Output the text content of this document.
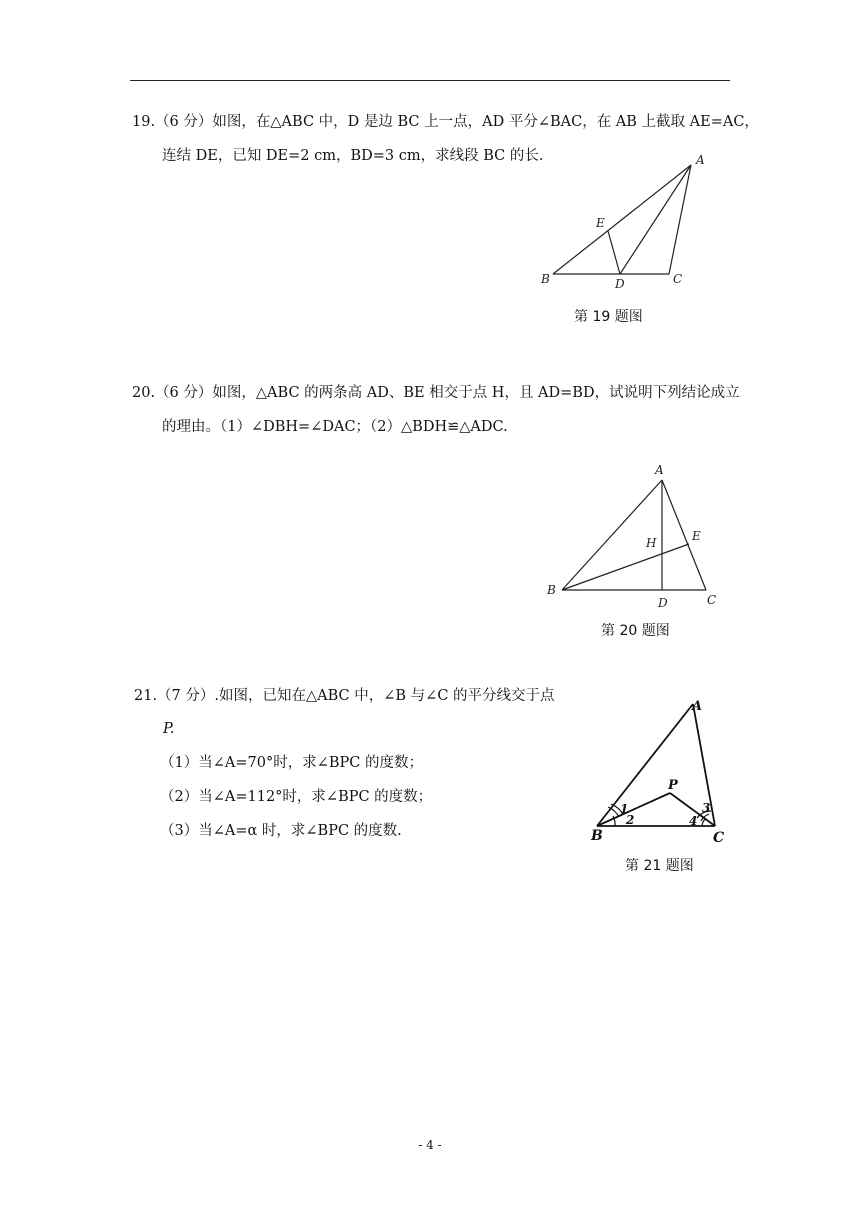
19.（6 分）如图，在△ABC 中，D 是边 BC 上一点，AD 平分∠BAC，在 AB 上截取 AE=AC，
连结 DE，已知 DE=2 cm，BD=3 cm，求线段 BC 的长.	A
B	C
D
E
第 19 题图
20.（6 分）如图，△ABC 的两条高 AD、BE 相交于点 H，且 AD=BD，试说明下列结论成立
的理由。（1）∠DBH=∠DAC；（2）△BDH≌△ADC.
A
B
C
D
E
H
第 20 题图
21.（7 分）.如图，已知在△ABC 中，∠B 与∠C 的平分线交于点
P.
（1）当∠A=70°时，求∠BPC 的度数；
（2）当∠A=112°时，求∠BPC 的度数；
（3）当∠A=α 时，求∠BPC 的度数.
A
B	C
P
1
2
3
4
第 21 题图
- 4 -
